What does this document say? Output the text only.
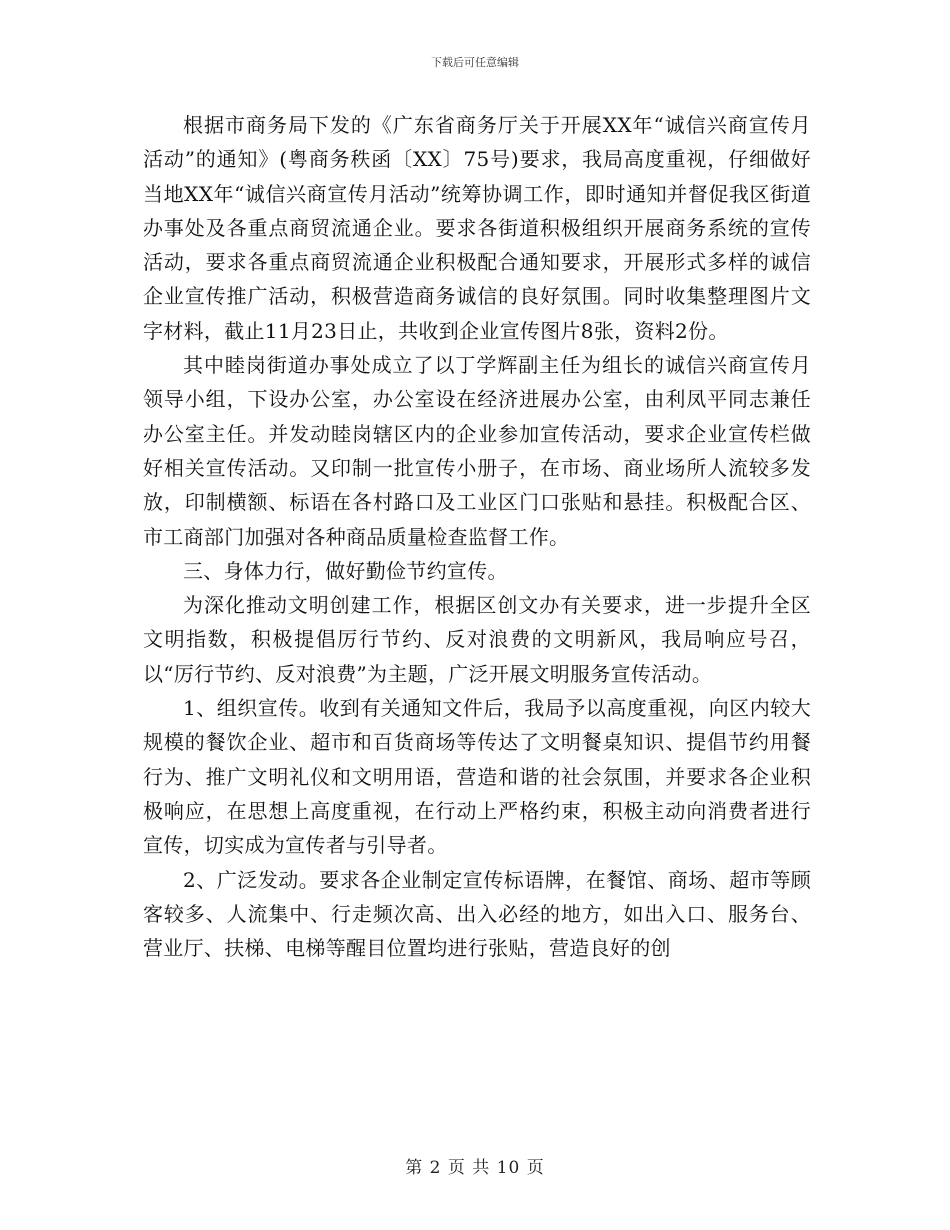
下载后可任意编辑

根据市商务局下发的《广东省商务厅关于开展XX年“诚信兴商宣传月活动”的通知》(粤商务秩函〔XX〕75号)要求，我局高度重视，仔细做好当地XX年“诚信兴商宣传月活动”统筹协调工作，即时通知并督促我区街道办事处及各重点商贸流通企业。要求各街道积极组织开展商务系统的宣传活动，要求各重点商贸流通企业积极配合通知要求，开展形式多样的诚信企业宣传推广活动，积极营造商务诚信的良好氛围。同时收集整理图片文字材料，截止11月23日止，共收到企业宣传图片8张，资料2份。

其中睦岗街道办事处成立了以丁学辉副主任为组长的诚信兴商宣传月领导小组，下设办公室，办公室设在经济进展办公室，由利凤平同志兼任办公室主任。并发动睦岗辖区内的企业参加宣传活动，要求企业宣传栏做好相关宣传活动。又印制一批宣传小册子，在市场、商业场所人流较多发放，印制横额、标语在各村路口及工业区门口张贴和悬挂。积极配合区、市工商部门加强对各种商品质量检查监督工作。

三、身体力行，做好勤俭节约宣传。

为深化推动文明创建工作，根据区创文办有关要求，进一步提升全区文明指数，积极提倡厉行节约、反对浪费的文明新风，我局响应号召，以“厉行节约、反对浪费”为主题，广泛开展文明服务宣传活动。

1、组织宣传。收到有关通知文件后，我局予以高度重视，向区内较大规模的餐饮企业、超市和百货商场等传达了文明餐桌知识、提倡节约用餐行为、推广文明礼仪和文明用语，营造和谐的社会氛围，并要求各企业积极响应，在思想上高度重视，在行动上严格约束，积极主动向消费者进行宣传，切实成为宣传者与引导者。

2、广泛发动。要求各企业制定宣传标语牌，在餐馆、商场、超市等顾客较多、人流集中、行走频次高、出入必经的地方，如出入口、服务台、营业厅、扶梯、电梯等醒目位置均进行张贴，营造良好的创

第 2 页 共 10 页
